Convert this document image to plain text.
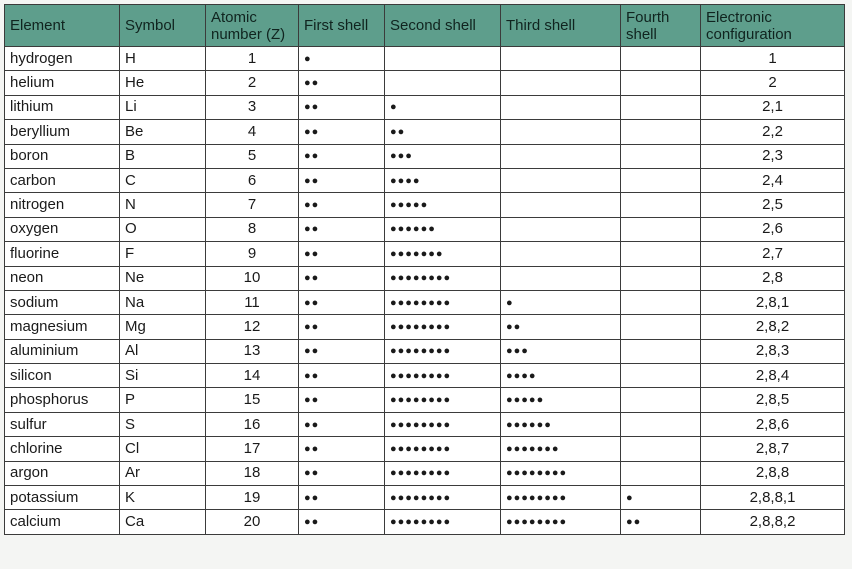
Element	Symbol	Atomic number (Z)	First shell	Second shell	Third shell	Fourth shell	Electronic configuration
hydrogen	H	1	●				1
helium	He	2	●●				2
lithium	Li	3	●●	●			2,1
beryllium	Be	4	●●	●●			2,2
boron	B	5	●●	●●●			2,3
carbon	C	6	●●	●●●●			2,4
nitrogen	N	7	●●	●●●●●			2,5
oxygen	O	8	●●	●●●●●●			2,6
fluorine	F	9	●●	●●●●●●●			2,7
neon	Ne	10	●●	●●●●●●●●			2,8
sodium	Na	11	●●	●●●●●●●●	●		2,8,1
magnesium	Mg	12	●●	●●●●●●●●	●●		2,8,2
aluminium	Al	13	●●	●●●●●●●●	●●●		2,8,3
silicon	Si	14	●●	●●●●●●●●	●●●●		2,8,4
phosphorus	P	15	●●	●●●●●●●●	●●●●●		2,8,5
sulfur	S	16	●●	●●●●●●●●	●●●●●●		2,8,6
chlorine	Cl	17	●●	●●●●●●●●	●●●●●●●		2,8,7
argon	Ar	18	●●	●●●●●●●●	●●●●●●●●		2,8,8
potassium	K	19	●●	●●●●●●●●	●●●●●●●●	●	2,8,8,1
calcium	Ca	20	●●	●●●●●●●●	●●●●●●●●	●●	2,8,8,2
